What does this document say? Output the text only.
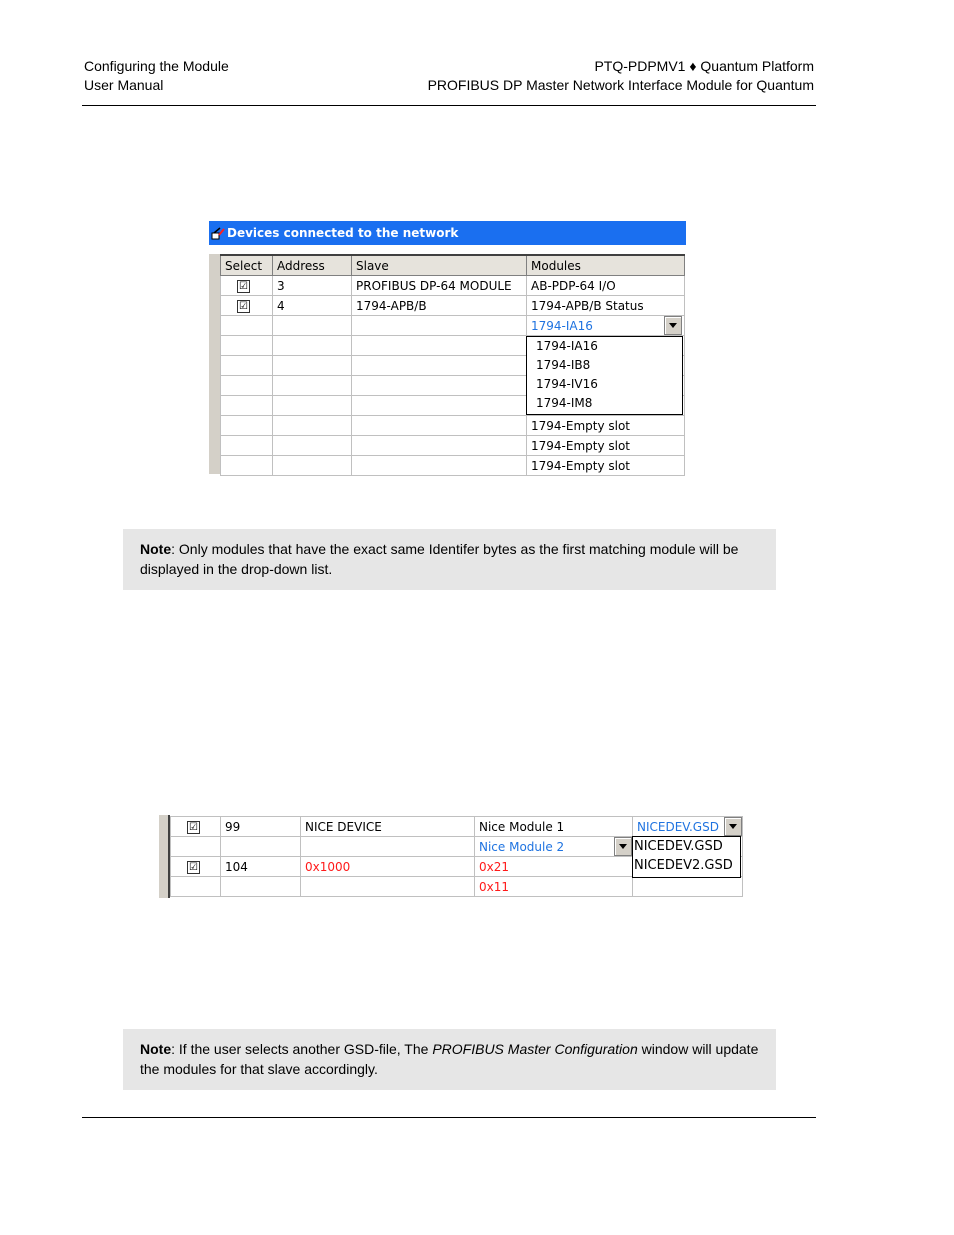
Configuring the Module
User Manual
PTQ-PDPMV1 ♦ Quantum Platform
PROFIBUS DP Master Network Interface Module for Quantum
Devices connected to the network
Select	Address	Slave	Modules
☑	3	PROFIBUS DP-64 MODULE	AB-PDP-64 I/O
☑	4	1794-APB/B	1794-APB/B Status
			1794-IA16

			1794-Empty slot
			1794-Empty slot
			1794-Empty slot
1794-IA16
1794-IB8
1794-IV16
1794-IM8
Note: Only modules that have the exact same Identifer bytes as the first matching module will be displayed in the drop-down list.
☑	99	NICE DEVICE	Nice Module 1	NICEDEV.GSD
			Nice Module 2	
☑	104	0x1000	0x21	
			0x11	
NICEDEV.GSD
NICEDEV2.GSD
Note: If the user selects another GSD-file, The PROFIBUS Master Configuration window will update the modules for that slave accordingly.
